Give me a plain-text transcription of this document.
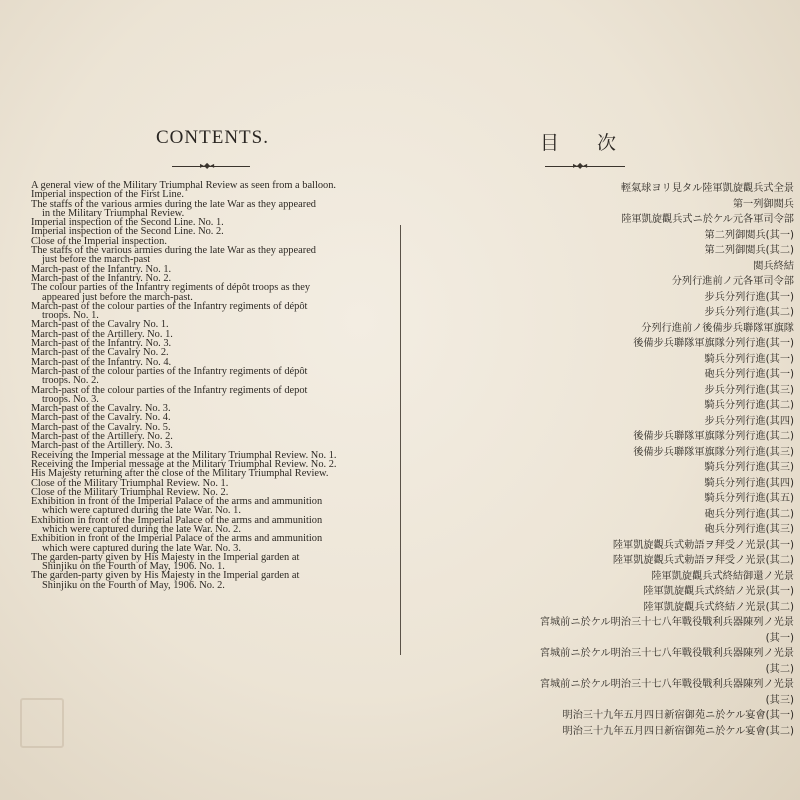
CONTENTS.
▸◆◂
A general view of the Military Triumphal Review as seen from a balloon.
Imperial inspection of the First Line.
The staffs of the various armies during the late War as they appeared
in the Military Triumphal Review.
Imperial inspection of the Second Line. No. 1.
Imperial inspection of the Second Line. No. 2.
Close of the Imperial inspection.
The staffs of the various armies during the late War as they appeared
just before the march-past
March-past of the Infantry. No. 1.
March-past of the Infantry. No. 2.
The colour parties of the Infantry regiments of dépôt troops as they
appeared just before the march-past.
March-past of the colour parties of the Infantry regiments of dépôt
troops. No. 1.
March-past of the Cavalry No. 1.
March-past of the Artillery. No. 1.
March-past of the Infantry. No. 3.
March-past of the Cavalry No. 2.
March-past of the Infantry. No. 4.
March-past of the colour parties of the Infantry regiments of dépôt
troops. No. 2.
March-past of the colour parties of the Infantry regiments of depot
troops. No. 3.
March-past of the Cavalry. No. 3.
March-past of the Cavalry. No. 4.
March-past of the Cavalry. No. 5.
March-past of the Artillery. No. 2.
March-past of the Artillery. No. 3.
Receiving the Imperial message at the Military Triumphal Review. No. 1.
Receiving the Imperial message at the Military Triumphal Review. No. 2.
His Majesty returning after the close of the Military Triumphal Review.
Close of the Military Triumphal Review. No. 1.
Close of the Military Triumphal Review. No. 2.
Exhibition in front of the Imperial Palace of the arms and ammunition
which were captured during the late War. No. 1.
Exhibition in front of the Imperial Palace of the arms and ammunition
which were captured during the late War. No. 2.
Exhibition in front of the Imperial Palace of the arms and ammunition
which were captured during the late War. No. 3.
The garden-party given by His Majesty in the Imperial garden at
Shinjiku on the Fourth of May, 1906. No. 1.
The garden-party given by His Majesty in the Imperial garden at
Shinjiku on the Fourth of May, 1906. No. 2.
目　　次
▸◆◂
輕氣球ヨリ見タル陸軍凱旋觀兵式全景
第一列御閲兵
陸軍凱旋觀兵式ニ於ケル元各軍司令部
第二列御閲兵(其一)
第二列御閲兵(其二)
閲兵終結
分列行進前ノ元各軍司令部
步兵分列行進(其一)
步兵分列行進(其二)
分列行進前ノ後備步兵聯隊軍旗隊
後備步兵聯隊軍旗隊分列行進(其一)
騎兵分列行進(其一)
砲兵分列行進(其一)
步兵分列行進(其三)
騎兵分列行進(其二)
步兵分列行進(其四)
後備步兵聯隊軍旗隊分列行進(其二)
後備步兵聯隊軍旗隊分列行進(其三)
騎兵分列行進(其三)
騎兵分列行進(其四)
騎兵分列行進(其五)
砲兵分列行進(其二)
砲兵分列行進(其三)
陸軍凱旋觀兵式勅語ヲ拜受ノ光景(其一)
陸軍凱旋觀兵式勅語ヲ拜受ノ光景(其二)
陸軍凱旋觀兵式終結御還ノ光景
陸軍凱旋觀兵式終結ノ光景(其一)
陸軍凱旋觀兵式終結ノ光景(其二)
宮城前ニ於ケル明治三十七八年戰役戰利兵器陳列ノ光景
(其一)
宮城前ニ於ケル明治三十七八年戰役戰利兵器陳列ノ光景
(其二)
宮城前ニ於ケル明治三十七八年戰役戰利兵器陳列ノ光景
(其三)
明治三十九年五月四日新宿御苑ニ於ケル宴會(其一)
明治三十九年五月四日新宿御苑ニ於ケル宴會(其二)
